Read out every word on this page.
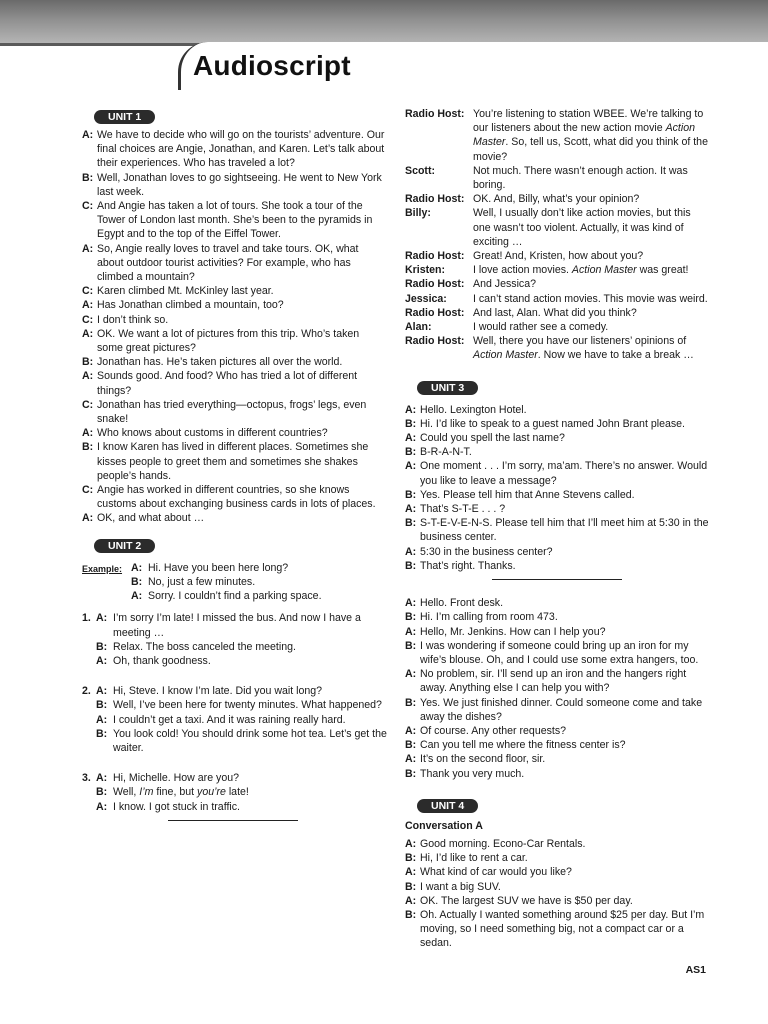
Audioscript
UNIT 1
A: We have to decide who will go on the tourists’ adventure. Our final choices are Angie, Jonathan, and Karen. Let’s talk about their experiences. Who has traveled a lot?
B: Well, Jonathan loves to go sightseeing. He went to New York last week.
C: And Angie has taken a lot of tours. She took a tour of the Tower of London last month. She’s been to the pyramids in Egypt and to the top of the Eiffel Tower.
A: So, Angie really loves to travel and take tours. OK, what about outdoor tourist activities? For example, who has climbed a mountain?
C: Karen climbed Mt. McKinley last year.
A: Has Jonathan climbed a mountain, too?
C: I don’t think so.
A: OK. We want a lot of pictures from this trip. Who’s taken some great pictures?
B: Jonathan has. He’s taken pictures all over the world.
A: Sounds good. And food? Who has tried a lot of different things?
C: Jonathan has tried everything—octopus, frogs’ legs, even snake!
A: Who knows about customs in different countries?
B: I know Karen has lived in different places. Sometimes she kisses people to greet them and sometimes she shakes people’s hands.
C: Angie has worked in different countries, so she knows customs about exchanging business cards in lots of places.
A: OK, and what about …
UNIT 2
Example: A: Hi. Have you been here long?
B: No, just a few minutes.
A: Sorry. I couldn’t find a parking space.
1. A: I’m sorry I’m late! I missed the bus. And now I have a meeting …
B: Relax. The boss canceled the meeting.
A: Oh, thank goodness.
2. A: Hi, Steve. I know I’m late. Did you wait long?
B: Well, I’ve been here for twenty minutes. What happened?
A: I couldn’t get a taxi. And it was raining really hard.
B: You look cold! You should drink some hot tea. Let’s get the waiter.
3. A: Hi, Michelle. How are you?
B: Well, I’m fine, but you’re late!
A: I know. I got stuck in traffic.
Radio Host: You’re listening to station WBEE. We’re talking to our listeners about the new action movie Action Master. So, tell us, Scott, what did you think of the movie?
Scott:	Not much. There wasn’t enough action. It was boring.
Radio Host: OK. And, Billy, what’s your opinion?
Billy:	Well, I usually don’t like action movies, but this one wasn’t too violent. Actually, it was kind of exciting …
Radio Host: Great! And, Kristen, how about you?
Kristen:	I love action movies. Action Master was great!
Radio Host: And Jessica?
Jessica: I can’t stand action movies. This movie was weird.
Radio Host: And last, Alan. What did you think?
Alan:	I would rather see a comedy.
Radio Host: Well, there you have our listeners’ opinions of Action Master. Now we have to take a break …
UNIT 3
A: Hello. Lexington Hotel.
B: Hi. I’d like to speak to a guest named John Brant please.
A: Could you spell the last name?
B: B-R-A-N-T.
A: One moment . . . I’m sorry, ma’am. There’s no answer. Would you like to leave a message?
B: Yes. Please tell him that Anne Stevens called.
A: That’s S-T-E . . . ?
B: S-T-E-V-E-N-S. Please tell him that I’ll meet him at 5:30 in the business center.
A: 5:30 in the business center?
B: That’s right. Thanks.
A: Hello. Front desk.
B: Hi. I’m calling from room 473.
A: Hello, Mr. Jenkins. How can I help you?
B: I was wondering if someone could bring up an iron for my wife’s blouse. Oh, and I could use some extra hangers, too.
A: No problem, sir. I’ll send up an iron and the hangers right away. Anything else I can help you with?
B: Yes. We just finished dinner. Could someone come and take away the dishes?
A: Of course. Any other requests?
B: Can you tell me where the fitness center is?
A: It’s on the second floor, sir.
B: Thank you very much.
UNIT 4
Conversation A
A: Good morning. Econo-Car Rentals.
B: Hi, I’d like to rent a car.
A: What kind of car would you like?
B: I want a big SUV.
A: OK. The largest SUV we have is $50 per day.
B: Oh. Actually I wanted something around $25 per day. But I’m moving, so I need something big, not a compact car or a sedan.
AS1
